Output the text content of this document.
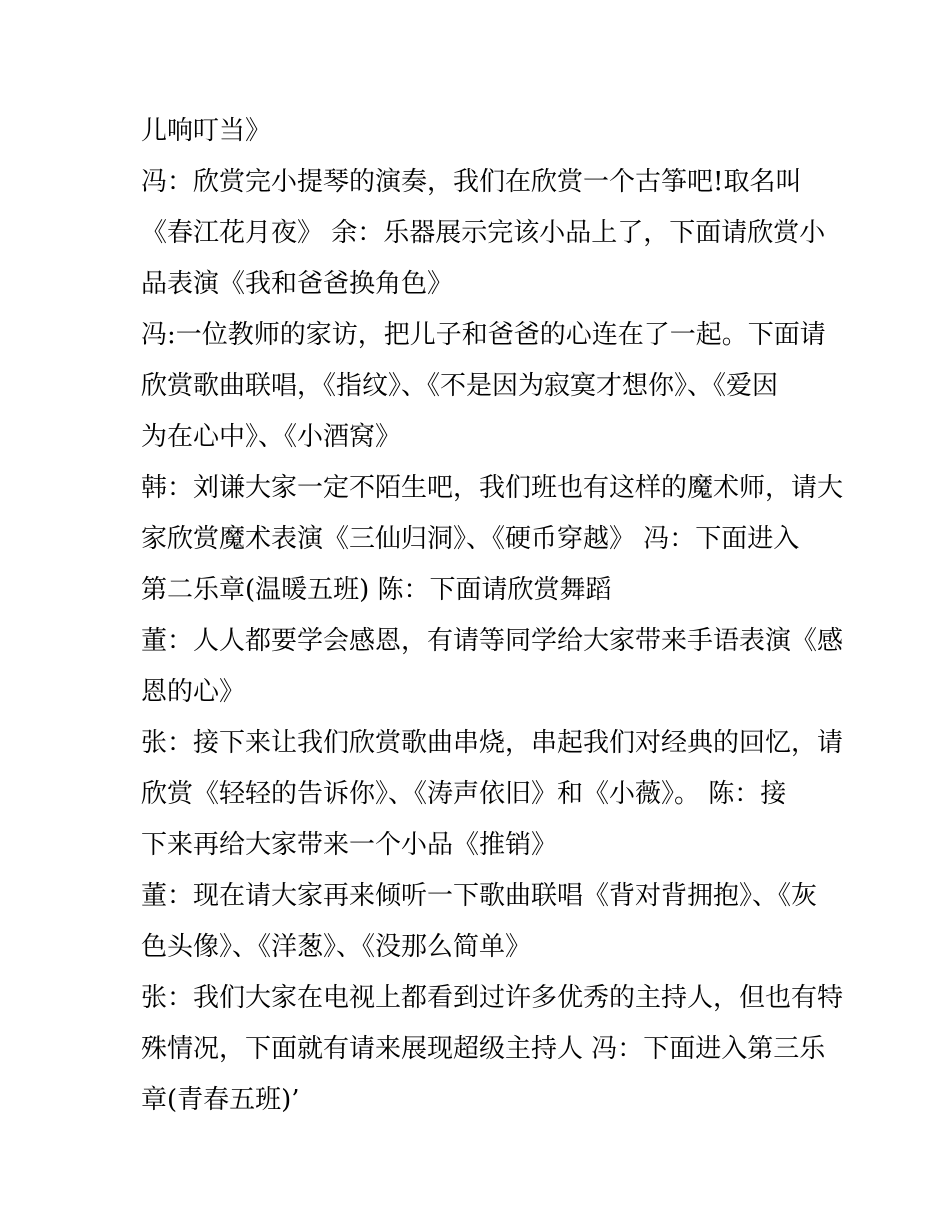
儿响叮当》
冯：欣赏完小提琴的演奏，我们在欣赏一个古筝吧!取名叫
《春江花月夜》 余：乐器展示完该小品上了，下面请欣赏小
品表演《我和爸爸换角色》
冯:一位教师的家访，把儿子和爸爸的心连在了一起。下面请
欣赏歌曲联唱，《指纹》、《不是因为寂寞才想你》、《爱因
为在心中》、《小酒窝》
韩：刘谦大家一定不陌生吧，我们班也有这样的魔术师，请大
家欣赏魔术表演《三仙归洞》、《硬币穿越》 冯：下面进入
第二乐章(温暖五班) 陈：下面请欣赏舞蹈
董：人人都要学会感恩，有请等同学给大家带来手语表演《感
恩的心》
张：接下来让我们欣赏歌曲串烧，串起我们对经典的回忆，请
欣赏《轻轻的告诉你》、《涛声依旧》和《小薇》。 陈：接
下来再给大家带来一个小品《推销》
董：现在请大家再来倾听一下歌曲联唱《背对背拥抱》、《灰
色头像》、《洋葱》、《没那么简单》
张：我们大家在电视上都看到过许多优秀的主持人，但也有特
殊情况，下面就有请来展现超级主持人 冯：下面进入第三乐
章(青春五班)’
